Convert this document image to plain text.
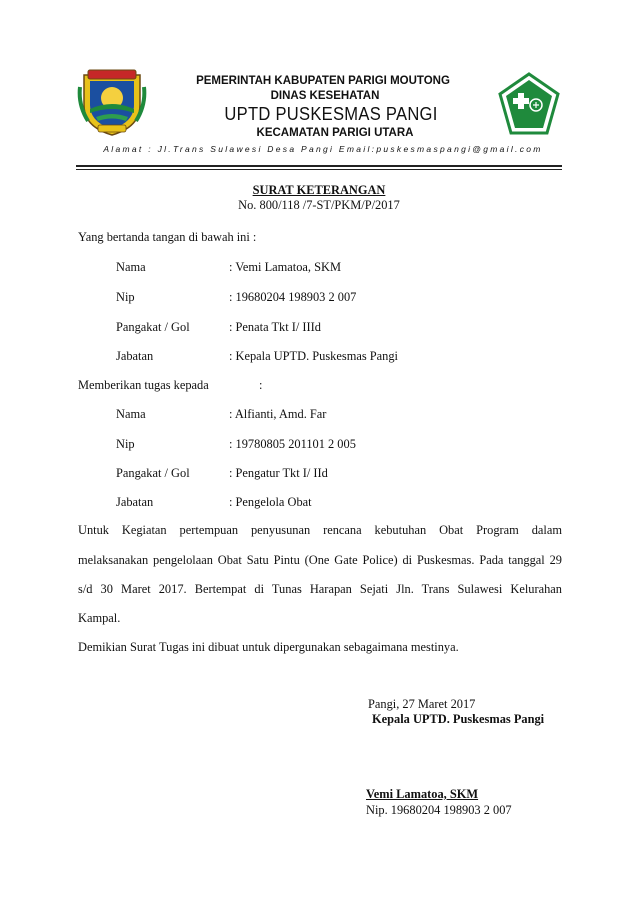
PEMERINTAH KABUPATEN PARIGI MOUTONG
DINAS KESEHATAN
UPTD PUSKESMAS PANGI
KECAMATAN PARIGI UTARA
Alamat : Jl.Trans Sulawesi Desa Pangi Email:puskesmaspangi@gmail.com
SURAT KETERANGAN
No. 800/118 /7-ST/PKM/P/2017
Yang bertanda tangan di bawah ini :
Nama	: Vemi Lamatoa, SKM
Nip	: 19680204 198903 2 007
Pangakat / Gol	: Penata Tkt I/ IIId
Jabatan	: Kepala UPTD. Puskesmas Pangi
Memberikan tugas kepada	:
Nama	: Alfianti, Amd. Far
Nip	: 19780805 201101 2 005
Pangakat / Gol	: Pengatur Tkt I/ IId
Jabatan	: Pengelola Obat
Untuk Kegiatan pertempuan penyusunan rencana kebutuhan Obat Program dalam
melaksanakan pengelolaan Obat Satu Pintu (One Gate Police) di Puskesmas. Pada tanggal 29
s/d 30 Maret 2017. Bertempat di Tunas Harapan Sejati Jln. Trans Sulawesi Kelurahan
Kampal.
Demikian Surat Tugas ini dibuat untuk dipergunakan sebagaimana mestinya.
Pangi, 27 Maret 2017
Kepala UPTD. Puskesmas Pangi
Vemi Lamatoa, SKM
Nip. 19680204 198903 2 007
